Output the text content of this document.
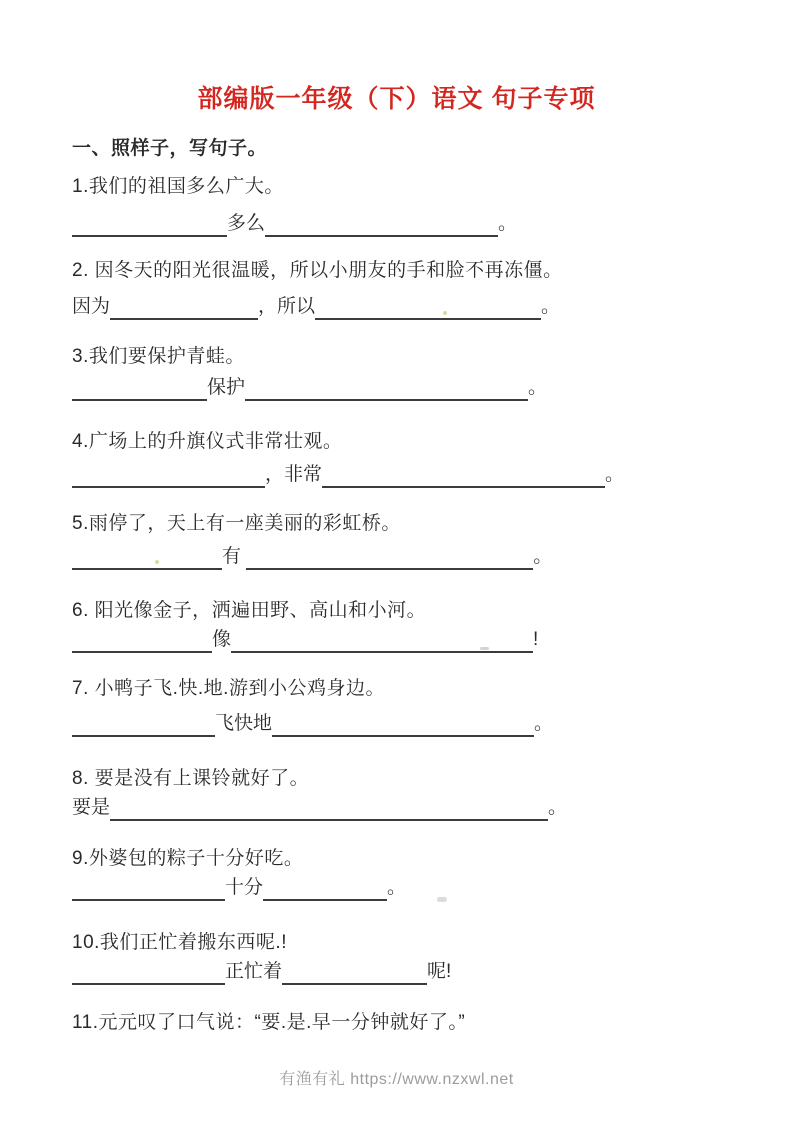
部编版一年级（下）语文 句子专项
一、照样子，写句子。
1.我们的祖国多么广大。
多么	。
2. 因冬天的阳光很温暖，所以小朋友的手和脸不再冻僵。
因为	，所以	。
3.我们要保护青蛙。
保护	。
4.广场上的升旗仪式非常壮观。
，非常	。
5.雨停了，天上有一座美丽的彩虹桥。
有	。
6. 阳光像金子，洒遍田野、高山和小河。
像	!
7. 小鸭子飞.快.地.游到小公鸡身边。
飞快地	。
8. 要是没有上课铃就好了。
要是	。
9.外婆包的粽子十分好吃。
十分	。
10.我们正忙着搬东西呢.!
正忙着	呢!
11.元元叹了口气说：“要.是.早一分钟就好了。”
有渔有礼 https://www.nzxwl.net
